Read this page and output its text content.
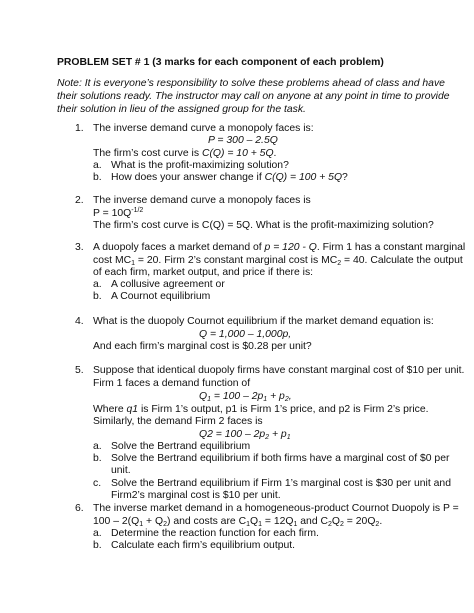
PROBLEM SET # 1 (3 marks for each component of each problem)
Note: It is everyone’s responsibility to solve these problems ahead of class and have
their solutions ready. The instructor may call on anyone at any point in time to provide
their solution in lieu of the assigned group for the task.
1. The inverse demand curve a monopoly faces is:
P = 300 – 2.5Q
The firm’s cost curve is C(Q) = 10 + 5Q.
a. What is the profit-maximizing solution?
b. How does your answer change if C(Q) = 100 + 5Q?
2. The inverse demand curve a monopoly faces is
$P = 10Q^{-1/2}$
The firm’s cost curve is C(Q) = 5Q. What is the profit-maximizing solution?
3. A duopoly faces a market demand of p = 120 - Q. Firm 1 has a constant marginal
cost $MC_1 = 20$. Firm 2’s constant marginal cost is $MC_2 = 40$. Calculate the output
of each firm, market output, and price if there is:
a. A collusive agreement or
b. A Cournot equilibrium
4. What is the duopoly Cournot equilibrium if the market demand equation is:
Q = 1,000 – 1,000p,
And each firm’s marginal cost is $0.28 per unit?
5. Suppose that identical duopoly firms have constant marginal cost of $10 per unit.
Firm 1 faces a demand function of
$Q_1 = 100 - 2p_1 + p_2$,
Where q1 is Firm 1’s output, p1 is Firm 1’s price, and p2 is Firm 2’s price.
Similarly, the demand Firm 2 faces is
$Q2 = 100 - 2p_2 + p_1$
a. Solve the Bertrand equilibrium
b. Solve the Bertrand equilibrium if both firms have a marginal cost of $0 per
unit.
c. Solve the Bertrand equilibrium if Firm 1’s marginal cost is $30 per unit and
Firm2’s marginal cost is $10 per unit.
6. The inverse market demand in a homogeneous-product Cournot Duopoly is P =
$100 - 2(Q_1 + Q_2)$ and costs are $C_1Q_1 = 12Q_1$ and $C_2Q_2 = 20Q_2$.
a. Determine the reaction function for each firm.
b. Calculate each firm’s equilibrium output.
